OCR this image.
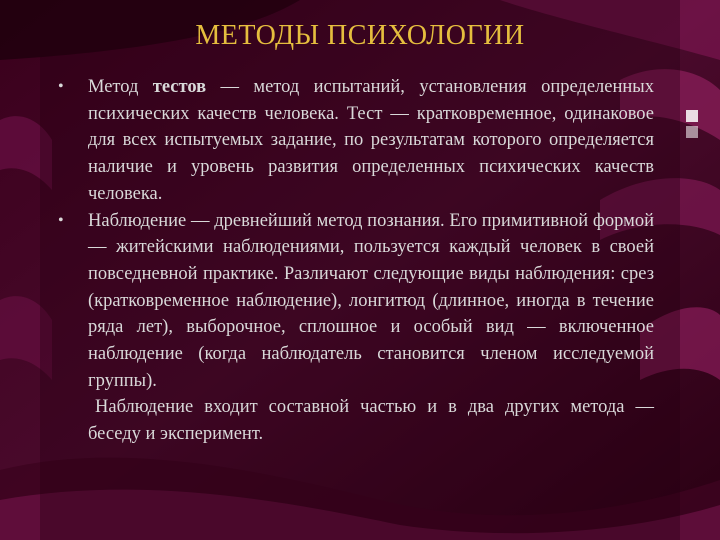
МЕТОДЫ ПСИХОЛОГИИ
• Метод тестов — метод испытаний, установления определенных психических качеств человека. Тест — кратковременное, одинаковое для всех испытуемых задание, по результатам которого определяется наличие и уровень развития определенных психических качеств человека.
• Наблюдение — древнейший метод познания. Его примитивной формой — житейскими наблюдениями, пользуется каждый человек в своей повседневной практике. Различают следующие виды наблюдения: срез (кратковременное наблюдение), лонгитюд (длинное, иногда в течение ряда лет), выборочное, сплошное и особый вид — включенное наблюдение (когда наблюдатель становится членом исследуемой группы).
Наблюдение входит составной частью и в два других метода — беседу и эксперимент.
